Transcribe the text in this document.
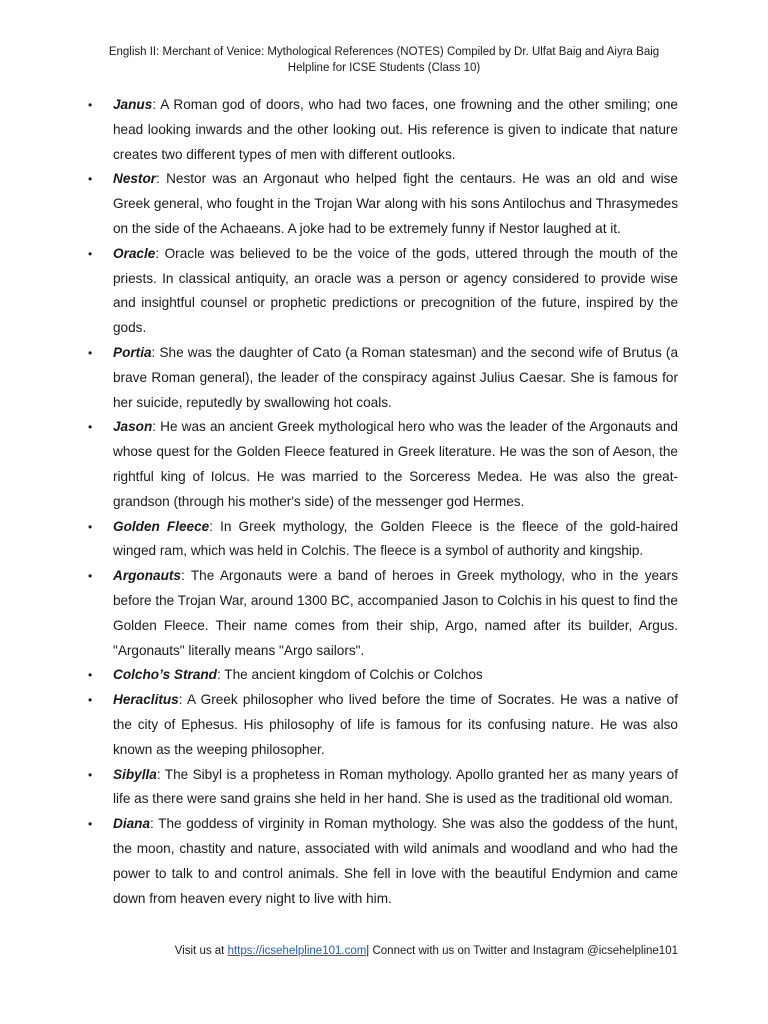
English II: Merchant of Venice: Mythological References (NOTES) Compiled by Dr. Ulfat Baig and Aiyra Baig
Helpline for ICSE Students (Class 10)
• Janus: A Roman god of doors, who had two faces, one frowning and the other smiling; one head looking inwards and the other looking out. His reference is given to indicate that nature creates two different types of men with different outlooks.
• Nestor: Nestor was an Argonaut who helped fight the centaurs. He was an old and wise Greek general, who fought in the Trojan War along with his sons Antilochus and Thrasymedes on the side of the Achaeans. A joke had to be extremely funny if Nestor laughed at it.
• Oracle: Oracle was believed to be the voice of the gods, uttered through the mouth of the priests. In classical antiquity, an oracle was a person or agency considered to provide wise and insightful counsel or prophetic predictions or precognition of the future, inspired by the gods.
• Portia: She was the daughter of Cato (a Roman statesman) and the second wife of Brutus (a brave Roman general), the leader of the conspiracy against Julius Caesar. She is famous for her suicide, reputedly by swallowing hot coals.
• Jason: He was an ancient Greek mythological hero who was the leader of the Argonauts and whose quest for the Golden Fleece featured in Greek literature. He was the son of Aeson, the rightful king of Iolcus. He was married to the Sorceress Medea. He was also the great-grandson (through his mother's side) of the messenger god Hermes.
• Golden Fleece: In Greek mythology, the Golden Fleece is the fleece of the gold-haired winged ram, which was held in Colchis. The fleece is a symbol of authority and kingship.
• Argonauts: The Argonauts were a band of heroes in Greek mythology, who in the years before the Trojan War, around 1300 BC, accompanied Jason to Colchis in his quest to find the Golden Fleece. Their name comes from their ship, Argo, named after its builder, Argus. "Argonauts" literally means "Argo sailors".
• Colcho’s Strand: The ancient kingdom of Colchis or Colchos
• Heraclitus: A Greek philosopher who lived before the time of Socrates. He was a native of the city of Ephesus. His philosophy of life is famous for its confusing nature. He was also known as the weeping philosopher.
• Sibylla: The Sibyl is a prophetess in Roman mythology. Apollo granted her as many years of life as there were sand grains she held in her hand. She is used as the traditional old woman.
• Diana: The goddess of virginity in Roman mythology. She was also the goddess of the hunt, the moon, chastity and nature, associated with wild animals and woodland and who had the power to talk to and control animals. She fell in love with the beautiful Endymion and came down from heaven every night to live with him.
Visit us at https://icsehelpline101.com| Connect with us on Twitter and Instagram @icsehelpline101
